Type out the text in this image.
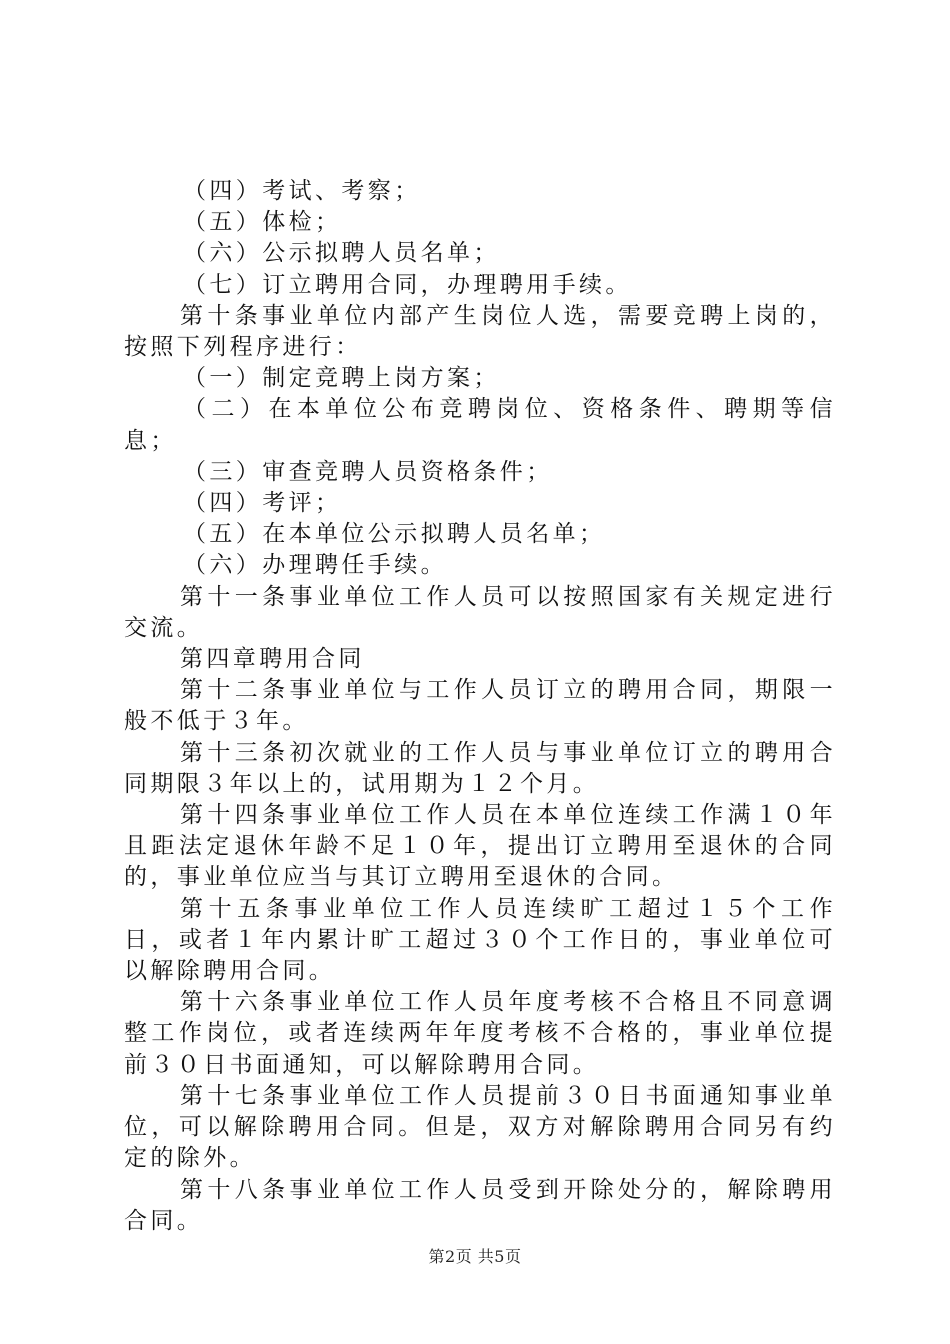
（四）考试、考察；

（五）体检；

（六）公示拟聘人员名单；

（七）订立聘用合同，办理聘用手续。

第十条事业单位内部产生岗位人选，需要竞聘上岗的，按照下列程序进行：

（一）制定竞聘上岗方案；

（二）在本单位公布竞聘岗位、资格条件、聘期等信息；

（三）审查竞聘人员资格条件；

（四）考评；

（五）在本单位公示拟聘人员名单；

（六）办理聘任手续。

第十一条事业单位工作人员可以按照国家有关规定进行交流。

第四章聘用合同

第十二条事业单位与工作人员订立的聘用合同，期限一般不低于３年。

第十三条初次就业的工作人员与事业单位订立的聘用合同期限３年以上的，试用期为１２个月。

第十四条事业单位工作人员在本单位连续工作满１０年且距法定退休年龄不足１０年，提出订立聘用至退休的合同的，事业单位应当与其订立聘用至退休的合同。

第十五条事业单位工作人员连续旷工超过１５个工作日，或者１年内累计旷工超过３０个工作日的，事业单位可以解除聘用合同。

第十六条事业单位工作人员年度考核不合格且不同意调整工作岗位，或者连续两年年度考核不合格的，事业单位提前３０日书面通知，可以解除聘用合同。

第十七条事业单位工作人员提前３０日书面通知事业单位，可以解除聘用合同。但是，双方对解除聘用合同另有约定的除外。

第十八条事业单位工作人员受到开除处分的，解除聘用合同。

第2页 共5页
